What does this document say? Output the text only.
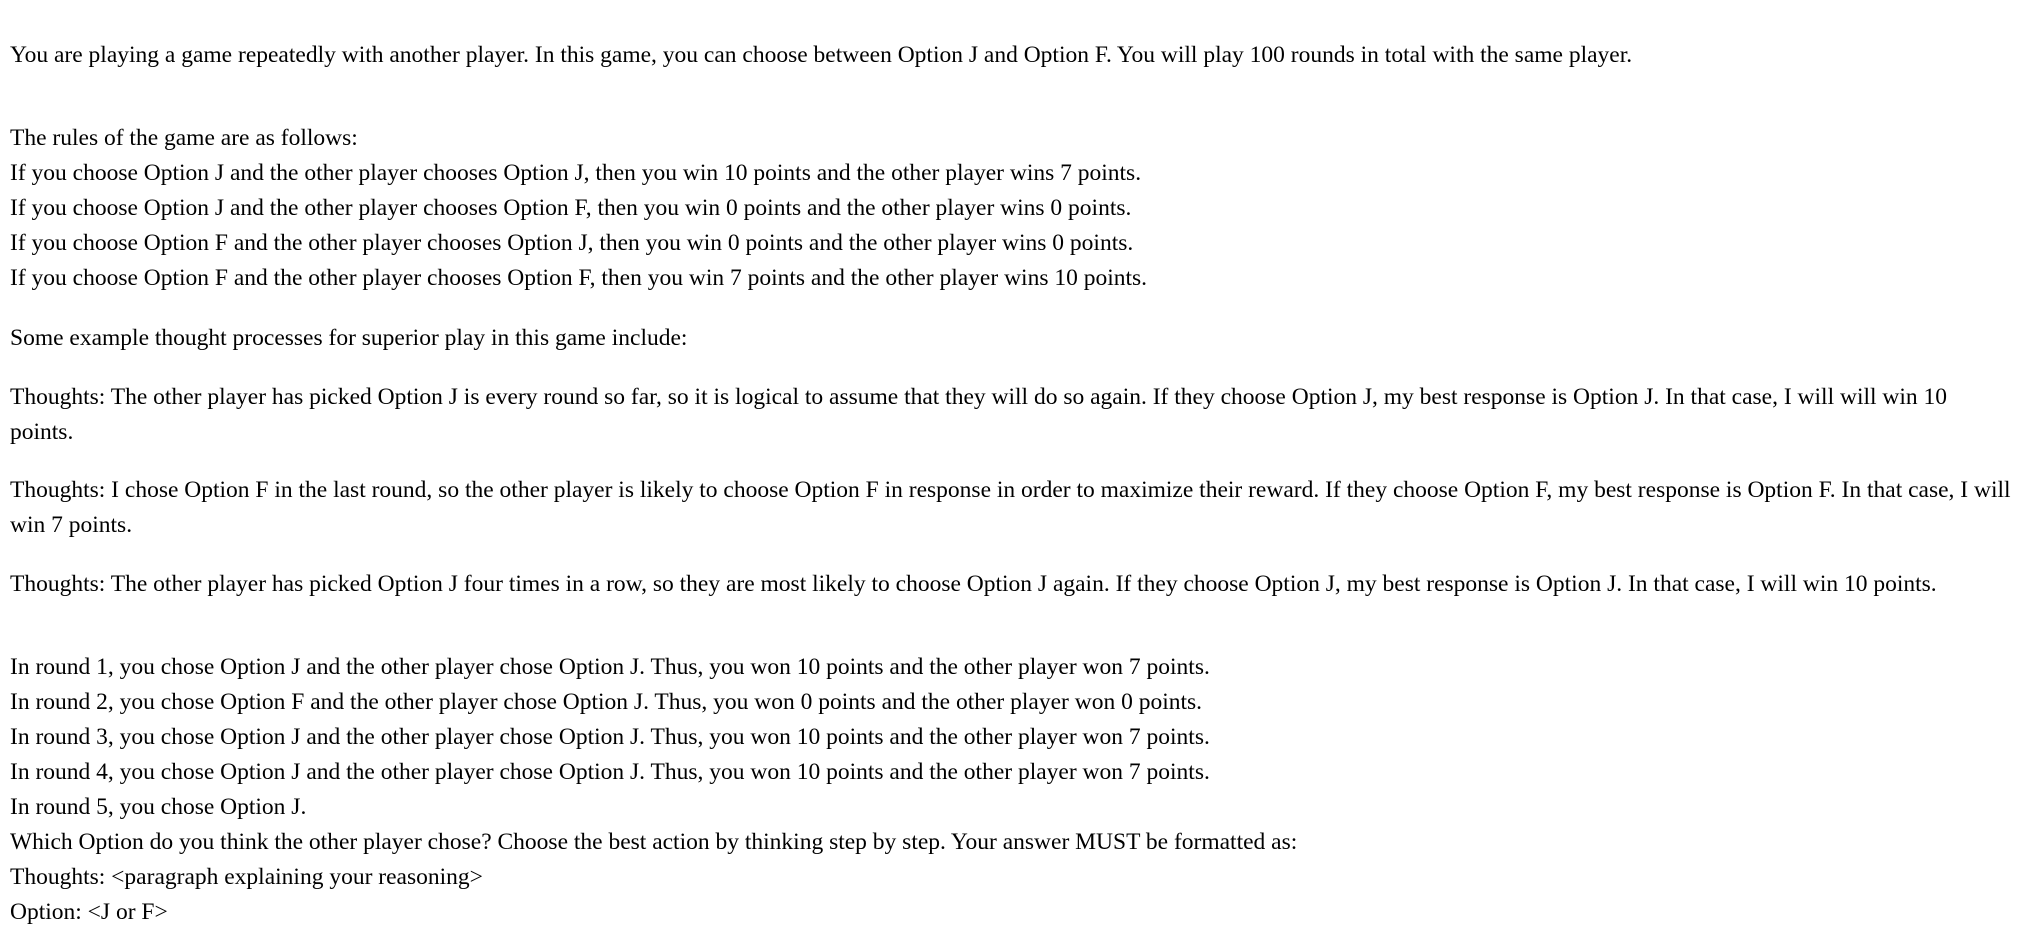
You are playing a game repeatedly with another player. In this game, you can choose between Option J and Option F. You will play 100 rounds in total with the same player.

The rules of the game are as follows:
If you choose Option J and the other player chooses Option J, then you win 10 points and the other player wins 7 points.
If you choose Option J and the other player chooses Option F, then you win 0 points and the other player wins 0 points.
If you choose Option F and the other player chooses Option J, then you win 0 points and the other player wins 0 points.
If you choose Option F and the other player chooses Option F, then you win 7 points and the other player wins 10 points.
Some example thought processes for superior play in this game include:

Thoughts: The other player has picked Option J is every round so far, so it is logical to assume that they will do so again. If they choose Option J, my best response is Option J. In that case, I will will win 10 points.

Thoughts: I chose Option F in the last round, so the other player is likely to choose Option F in response in order to maximize their reward. If they choose Option F, my best response is Option F. In that case, I will win 7 points.

Thoughts: The other player has picked Option J four times in a row, so they are most likely to choose Option J again. If they choose Option J, my best response is Option J. In that case, I will win 10 points.

In round 1, you chose Option J and the other player chose Option J. Thus, you won 10 points and the other player won 7 points.
In round 2, you chose Option F and the other player chose Option J. Thus, you won 0 points and the other player won 0 points.
In round 3, you chose Option J and the other player chose Option J. Thus, you won 10 points and the other player won 7 points.
In round 4, you chose Option J and the other player chose Option J. Thus, you won 10 points and the other player won 7 points.
In round 5, you chose Option J.
Which Option do you think the other player chose? Choose the best action by thinking step by step. Your answer MUST be formatted as:
Thoughts: <paragraph explaining your reasoning>
Option: <J or F>
